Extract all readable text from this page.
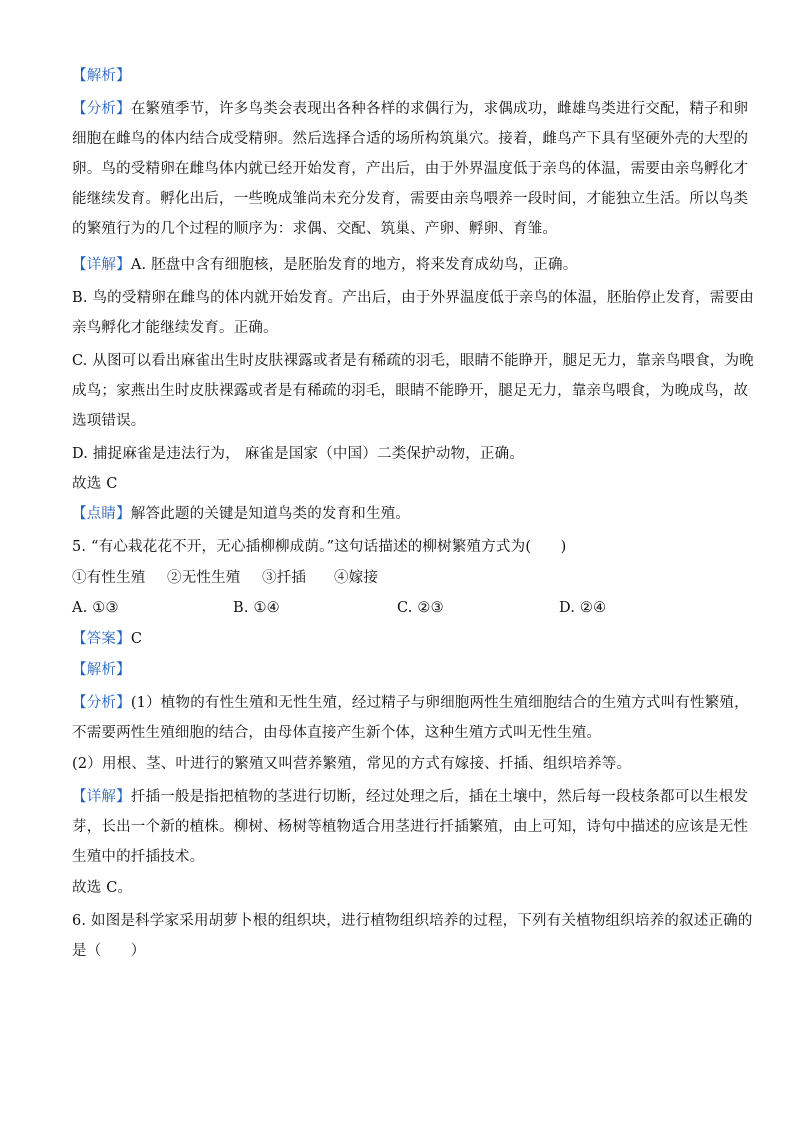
【解析】
【分析】在繁殖季节，许多鸟类会表现出各种各样的求偶行为，求偶成功，雌雄鸟类进行交配，精子和卵
细胞在雌鸟的体内结合成受精卵。然后选择合适的场所构筑巢穴。接着，雌鸟产下具有坚硬外壳的大型的
卵。鸟的受精卵在雌鸟体内就已经开始发育，产出后，由于外界温度低于亲鸟的体温，需要由亲鸟孵化才
能继续发育。孵化出后，一些晚成雏尚未充分发育，需要由亲鸟喂养一段时间，才能独立生活。所以鸟类
的繁殖行为的几个过程的顺序为：求偶、交配、筑巢、产卵、孵卵、育雏。
【详解】A. 胚盘中含有细胞核，是胚胎发育的地方，将来发育成幼鸟，正确。
B. 鸟的受精卵在雌鸟的体内就开始发育。产出后，由于外界温度低于亲鸟的体温，胚胎停止发育，需要由
亲鸟孵化才能继续发育。正确。
C. 从图可以看出麻雀出生时皮肤裸露或者是有稀疏的羽毛，眼睛不能睁开，腿足无力，靠亲鸟喂食，为晚
成鸟；家燕出生时皮肤裸露或者是有稀疏的羽毛，眼睛不能睁开，腿足无力，靠亲鸟喂食，为晚成鸟，故
选项错误。
D. 捕捉麻雀是违法行为， 麻雀是国家（中国）二类保护动物，正确。
故选 C
【点睛】解答此题的关键是知道鸟类的发育和生殖。
5. “有心栽花花不开，无心插柳柳成荫。”这句话描述的柳树繁殖方式为(　　)
①有性生殖	②无性生殖	③扦插	④嫁接
A. ①③	B. ①④	C. ②③	D. ②④
【答案】C
【解析】
【分析】(1）植物的有性生殖和无性生殖，经过精子与卵细胞两性生殖细胞结合的生殖方式叫有性繁殖，
不需要两性生殖细胞的结合，由母体直接产生新个体，这种生殖方式叫无性生殖。
(2）用根、茎、叶进行的繁殖又叫营养繁殖，常见的方式有嫁接、扦插、组织培养等。
【详解】扦插一般是指把植物的茎进行切断，经过处理之后，插在土壤中，然后每一段枝条都可以生根发
芽，长出一个新的植株。柳树、杨树等植物适合用茎进行扦插繁殖，由上可知，诗句中描述的应该是无性
生殖中的扦插技术。
故选 C。
6. 如图是科学家采用胡萝卜根的组织块，进行植物组织培养的过程，下列有关植物组织培养的叙述正确的
是（　　）
